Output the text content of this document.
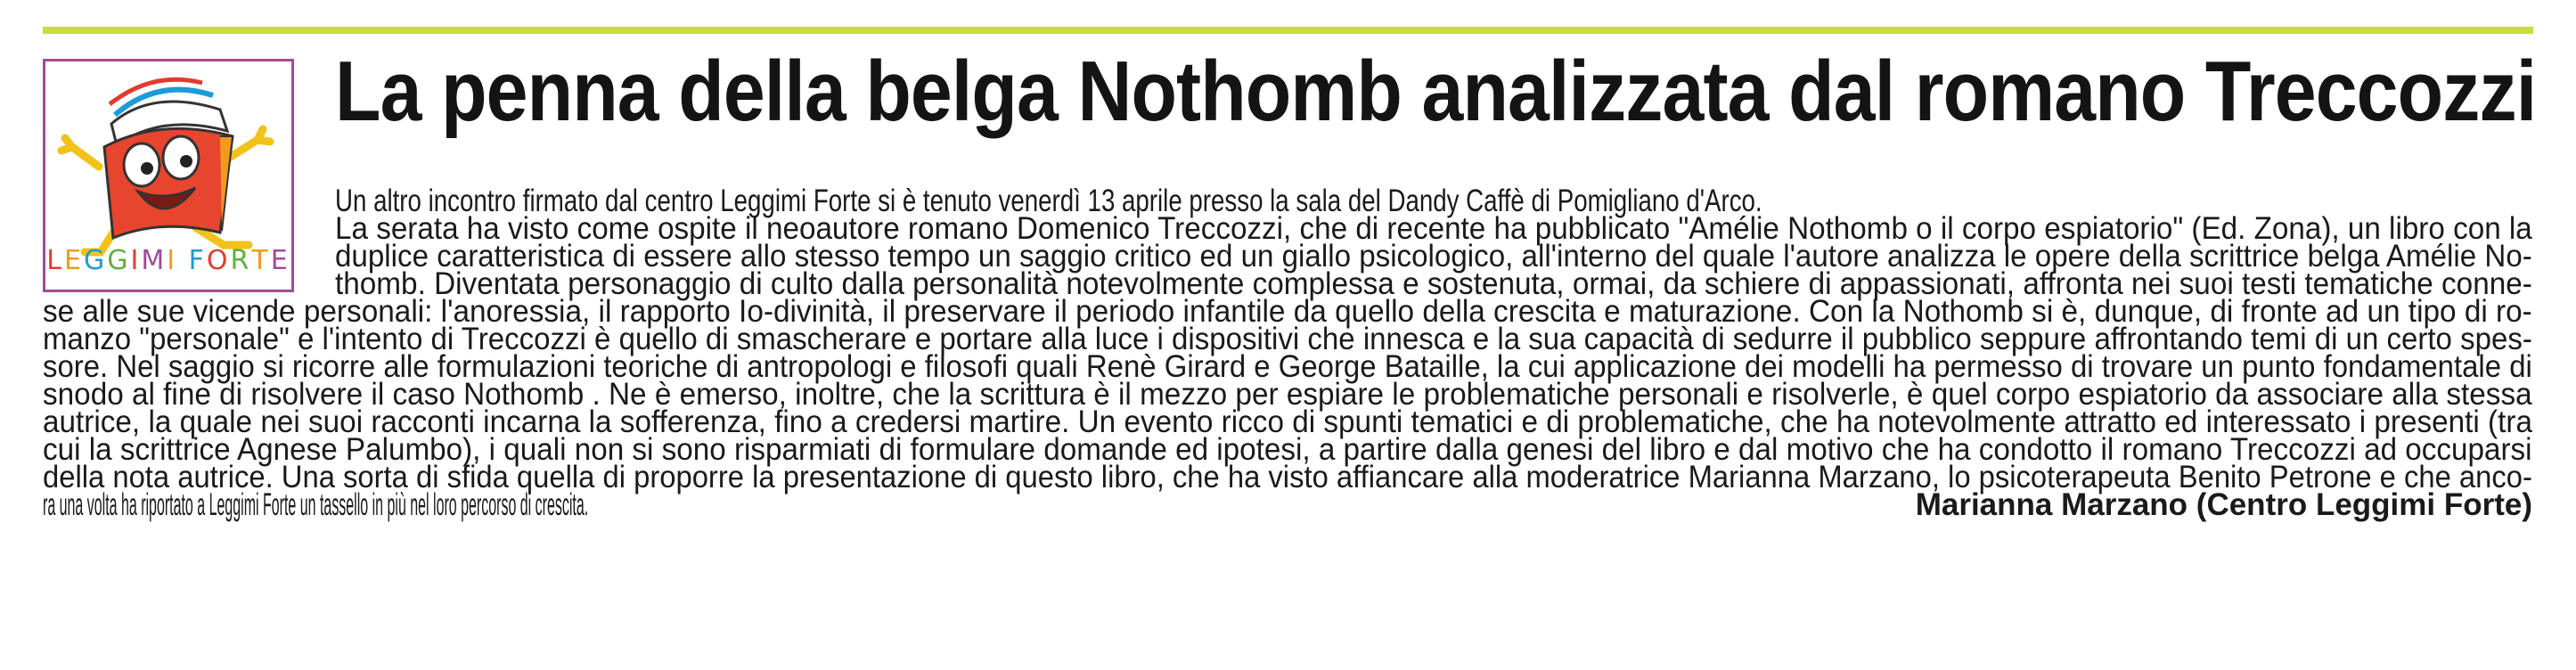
LEGGIMI FORTE
La penna della belga Nothomb analizzata dal romano Treccozzi
Un altro incontro firmato dal centro Leggimi Forte si è tenuto venerdì 13 aprile presso la sala del Dandy Caffè di Pomigliano d'Arco.
La serata ha visto come ospite il neoautore romano Domenico Treccozzi, che di recente ha pubblicato "Amélie Nothomb o il corpo espiatorio" (Ed. Zona), un libro con la
duplice caratteristica di essere allo stesso tempo un saggio critico ed un giallo psicologico, all'interno del quale l'autore analizza le opere della scrittrice belga Amélie No-
thomb. Diventata personaggio di culto dalla personalità notevolmente complessa e sostenuta, ormai, da schiere di appassionati, affronta nei suoi testi tematiche conne-
se alle sue vicende personali: l'anoressia, il rapporto Io-divinità, il preservare il periodo infantile da quello della crescita e maturazione. Con la Nothomb si è, dunque, di fronte ad un tipo di ro-
manzo "personale" e l'intento di Treccozzi è quello di smascherare e portare alla luce i dispositivi che innesca e la sua capacità di sedurre il pubblico seppure affrontando temi di un certo spes-
sore. Nel saggio si ricorre alle formulazioni teoriche di antropologi e filosofi quali Renè Girard e George Bataille, la cui applicazione dei modelli ha permesso di trovare un punto fondamentale di
snodo al fine di risolvere il caso Nothomb . Ne è emerso, inoltre, che la scrittura è il mezzo per espiare le problematiche personali e risolverle, è quel corpo espiatorio da associare alla stessa
autrice, la quale nei suoi racconti incarna la sofferenza, fino a credersi martire. Un evento ricco di spunti tematici e di problematiche, che ha notevolmente attratto ed interessato i presenti (tra
cui la scrittrice Agnese Palumbo), i quali non si sono risparmiati di formulare domande ed ipotesi, a partire dalla genesi del libro e dal motivo che ha condotto il romano Treccozzi ad occuparsi
della nota autrice. Una sorta di sfida quella di proporre la presentazione di questo libro, che ha visto affiancare alla moderatrice Marianna Marzano, lo psicoterapeuta Benito Petrone e che anco-
ra una volta ha riportato a Leggimi Forte un tassello in più nel loro percorso di crescita.	Marianna Marzano (Centro Leggimi Forte)
